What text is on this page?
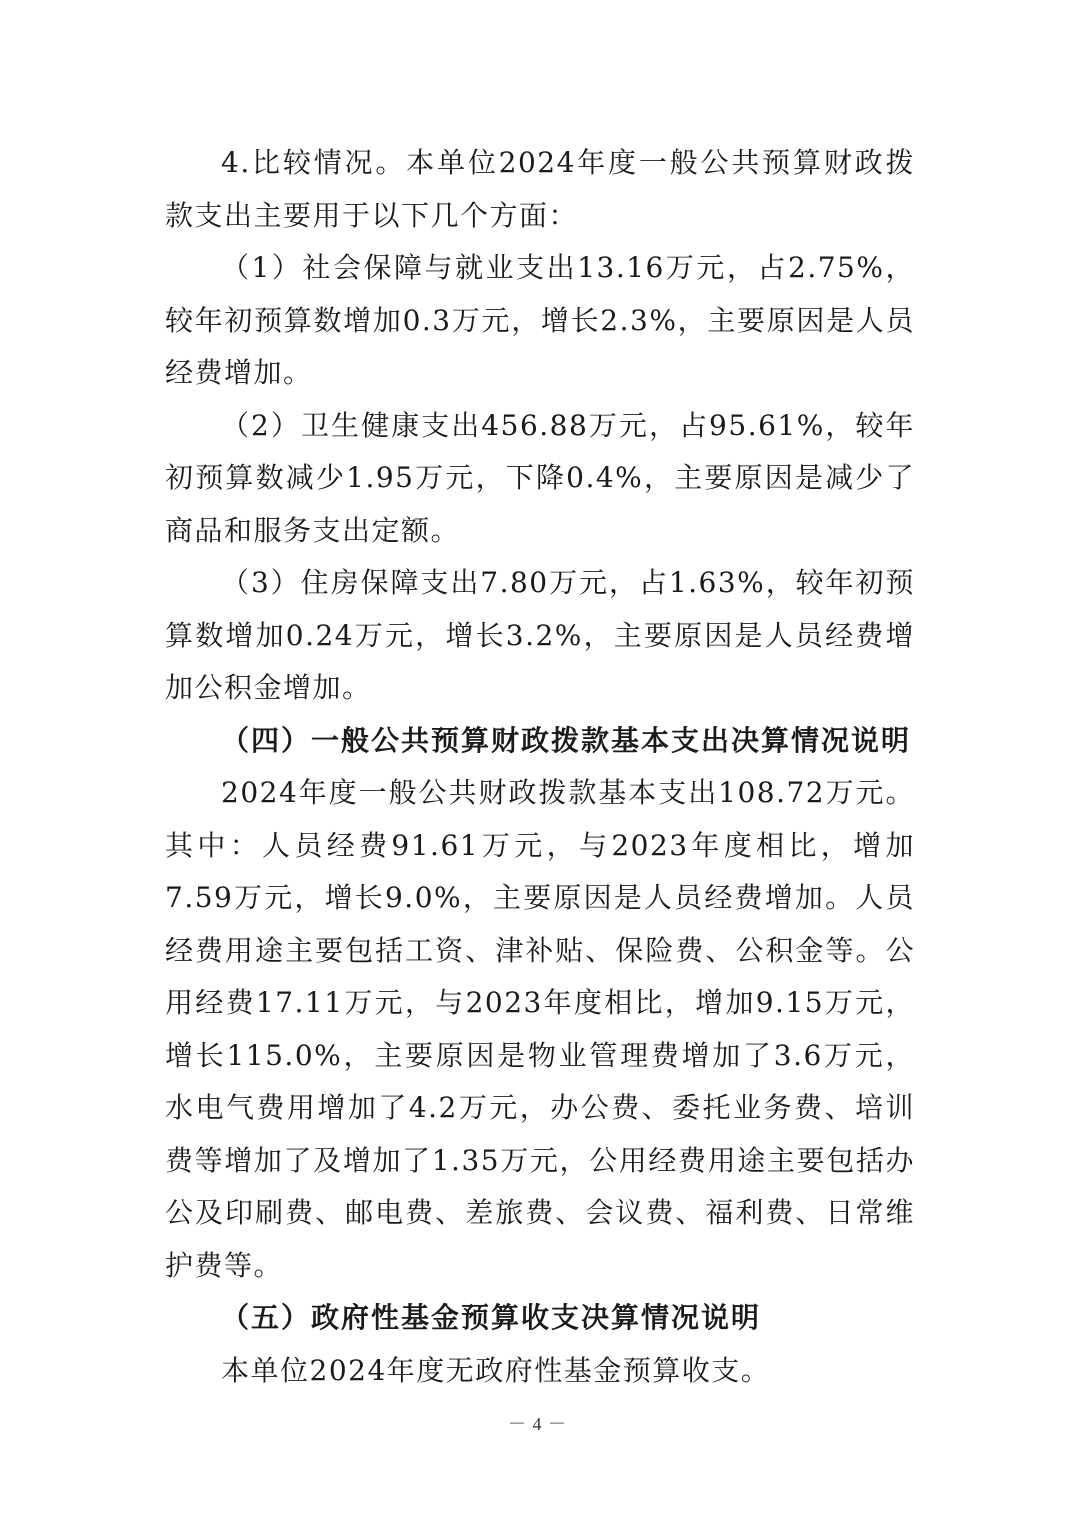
4.比较情况。本单位2024年度一般公共预算财政拨款支出主要用于以下几个方面：

（1）社会保障与就业支出13.16万元，占2.75%，较年初预算数增加0.3万元，增长2.3%，主要原因是人员经费增加。

（2）卫生健康支出456.88万元，占95.61%，较年初预算数减少1.95万元，下降0.4%，主要原因是减少了商品和服务支出定额。

（3）住房保障支出7.80万元，占1.63%，较年初预算数增加0.24万元，增长3.2%，主要原因是人员经费增加公积金增加。

（四）一般公共预算财政拨款基本支出决算情况说明

2024年度一般公共财政拨款基本支出108.72万元。其中：人员经费91.61万元，与2023年度相比，增加7.59万元，增长9.0%，主要原因是人员经费增加。人员经费用途主要包括工资、津补贴、保险费、公积金等。公用经费17.11万元，与2023年度相比，增加9.15万元，增长115.0%，主要原因是物业管理费增加了3.6万元，水电气费用增加了4.2万元，办公费、委托业务费、培训费等增加了及增加了1.35万元，公用经费用途主要包括办公及印刷费、邮电费、差旅费、会议费、福利费、日常维护费等。

（五）政府性基金预算收支决算情况说明

本单位2024年度无政府性基金预算收支。

－ 4 －
